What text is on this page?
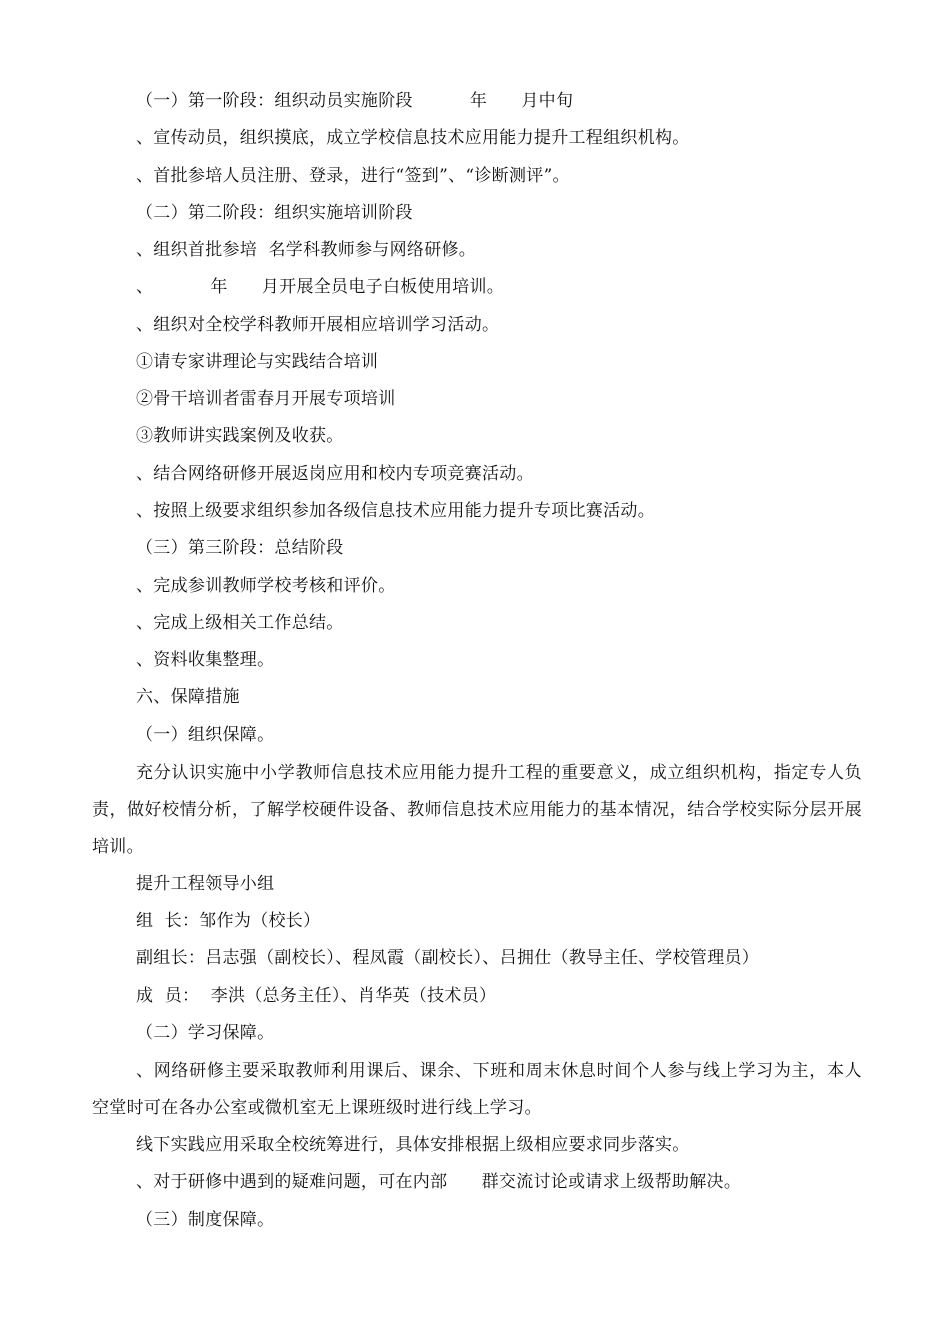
（一）第一阶段：组织动员实施阶段          年      月中旬
、宣传动员，组织摸底，成立学校信息技术应用能力提升工程组织机构。
、首批参培人员注册、登录，进行“签到”、“诊断测评”。
（二）第二阶段：组织实施培训阶段
、组织首批参培  名学科教师参与网络研修。
、          年      月开展全员电子白板使用培训。
、组织对全校学科教师开展相应培训学习活动。
①请专家讲理论与实践结合培训
②骨干培训者雷春月开展专项培训
③教师讲实践案例及收获。
、结合网络研修开展返岗应用和校内专项竞赛活动。
、按照上级要求组织参加各级信息技术应用能力提升专项比赛活动。
（三）第三阶段：总结阶段
、完成参训教师学校考核和评价。
、完成上级相关工作总结。
、资料收集整理。
六、保障措施
（一）组织保障。
充分认识实施中小学教师信息技术应用能力提升工程的重要意义，成立组织机构，指定专人负责，做好校情分析，了解学校硬件设备、教师信息技术应用能力的基本情况，结合学校实际分层开展培训。
提升工程领导小组
组  长：邹作为（校长）
副组长：吕志强（副校长）、程凤霞（副校长）、吕拥仕（教导主任、学校管理员）
成  员：  李洪（总务主任）、肖华英（技术员）
（二）学习保障。
、网络研修主要采取教师利用课后、课余、下班和周末休息时间个人参与线上学习为主，本人空堂时可在各办公室或微机室无上课班级时进行线上学习。
线下实践应用采取全校统筹进行，具体安排根据上级相应要求同步落实。
、对于研修中遇到的疑难问题，可在内部      群交流讨论或请求上级帮助解决。
（三）制度保障。
